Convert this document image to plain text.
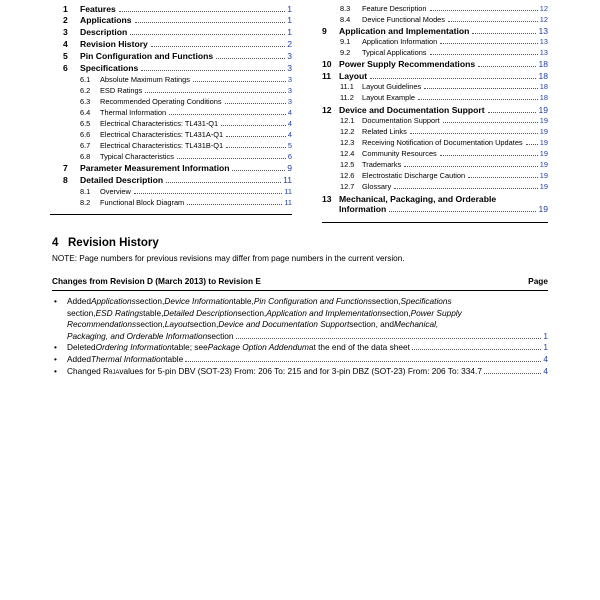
1	Features	1
2	Applications	1
3	Description	1
4	Revision History	2
5	Pin Configuration and Functions	3
6	Specifications	3
6.1	Absolute Maximum Ratings	3
6.2	ESD Ratings	3
6.3	Recommended Operating Conditions	3
6.4	Thermal Information	4
6.5	Electrical Characteristics: TL431-Q1	4
6.6	Electrical Characteristics: TL431A-Q1	4
6.7	Electrical Characteristics: TL431B-Q1	5
6.8	Typical Characteristics	6
7	Parameter Measurement Information	9
8	Detailed Description	11
8.1	Overview	11
8.2	Functional Block Diagram	11
8.3	Feature Description	12
8.4	Device Functional Modes	12
9	Application and Implementation	13
9.1	Application Information	13
9.2	Typical Applications	13
10 Power Supply Recommendations	18
11 Layout	18
11.1	Layout Guidelines	18
11.2	Layout Example	18
12 Device and Documentation Support	19
12.1	Documentation Support	19
12.2	Related Links	19
12.3	Receiving Notification of Documentation Updates 19
12.4	Community Resources	19
12.5	Trademarks	19
12.6	Electrostatic Discharge Caution	19
12.7	Glossary	19
13 Mechanical, Packaging, and Orderable
Information	19
4 Revision History
NOTE: Page numbers for previous revisions may differ from page numbers in the current version.
Changes from Revision D (March 2013) to Revision E	Page
• Added Applications section, Device Information table, Pin Configuration and Functions section, Specifications
section, ESD Ratings table, Detailed Description section, Application and Implementation section, Power Supply
Recommendations section, Layout section, Device and Documentation Support section, and Mechanical,
Packaging, and Orderable Information section	1
• Deleted Ordering Information table; see Package Option Addendum at the end of the data sheet	1
• Added Thermal Information table	4
• Changed R θJA values for 5-pin DBV (SOT-23) From: 206 To: 215 and for 3-pin DBZ (SOT-23) From: 206 To: 334.7	4
